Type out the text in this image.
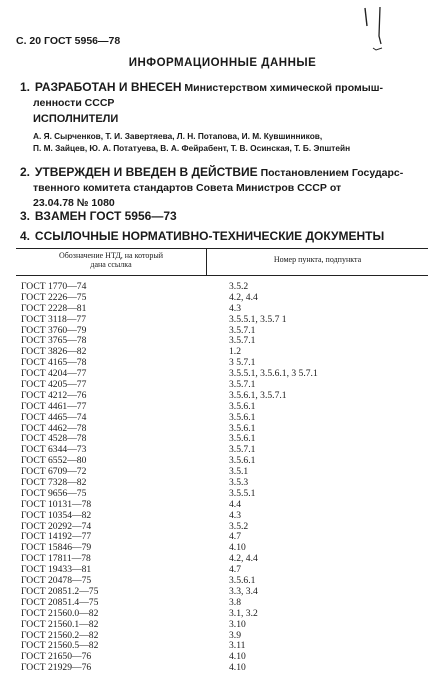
С. 20 ГОСТ 5956—78
ИНФОРМАЦИОННЫЕ ДАННЫЕ
1. РАЗРАБОТАН И ВНЕСЕН Министерством химической промыш-
ленности СССР
ИСПОЛНИТЕЛИ
А. Я. Сырченков, Т. И. Завертяева, Л. Н. Потапова, И. М. Кувшинников,
П. М. Зайцев, Ю. А. Потатуева, В. А. Фейрабент, Т. В. Осинская, Т. Б. Эпштейн
2. УТВЕРЖДЕН И ВВЕДЕН В ДЕЙСТВИЕ Постановлением Государс-
твенного комитета стандартов Совета Министров СССР от
23.04.78 № 1080
3. ВЗАМЕН ГОСТ 5956—73
4. ССЫЛОЧНЫЕ НОРМАТИВНО-ТЕХНИЧЕСКИЕ ДОКУМЕНТЫ
Обозначение НТД, на который
дана ссылка
Номер пункта, подпункта
ГОСТ 1770—74	3.5.2
ГОСТ 2226—75	4.2, 4.4
ГОСТ 2228—81	4.3
ГОСТ 3118—77	3.5.5.1, 3.5.7 1
ГОСТ 3760—79	3.5.7.1
ГОСТ 3765—78	3.5.7.1
ГОСТ 3826—82	1.2
ГОСТ 4165—78	3 5.7.1
ГОСТ 4204—77	3.5.5.1, 3.5.6.1, 3 5.7.1
ГОСТ 4205—77	3.5.7.1
ГОСТ 4212—76	3.5.6.1, 3.5.7.1
ГОСТ 4461—77	3.5.6.1
ГОСТ 4465—74	3.5.6.1
ГОСТ 4462—78	3.5.6.1
ГОСТ 4528—78	3.5.6.1
ГОСТ 6344—73	3.5.7.1
ГОСТ 6552—80	3.5.6.1
ГОСТ 6709—72	3.5.1
ГОСТ 7328—82	3.5.3
ГОСТ 9656—75	3.5.5.1
ГОСТ 10131—78	4.4
ГОСТ 10354—82	4.3
ГОСТ 20292—74	3.5.2
ГОСТ 14192—77	4.7
ГОСТ 15846—79	4.10
ГОСТ 17811—78	4.2, 4.4
ГОСТ 19433—81	4.7
ГОСТ 20478—75	3.5.6.1
ГОСТ 20851.2—75	3.3, 3.4
ГОСТ 20851.4—75	3.8
ГОСТ 21560.0—82	3.1, 3.2
ГОСТ 21560.1—82	3.10
ГОСТ 21560.2—82	3.9
ГОСТ 21560.5—82	3.11
ГОСТ 21650—76	4.10
ГОСТ 21929—76	4.10
